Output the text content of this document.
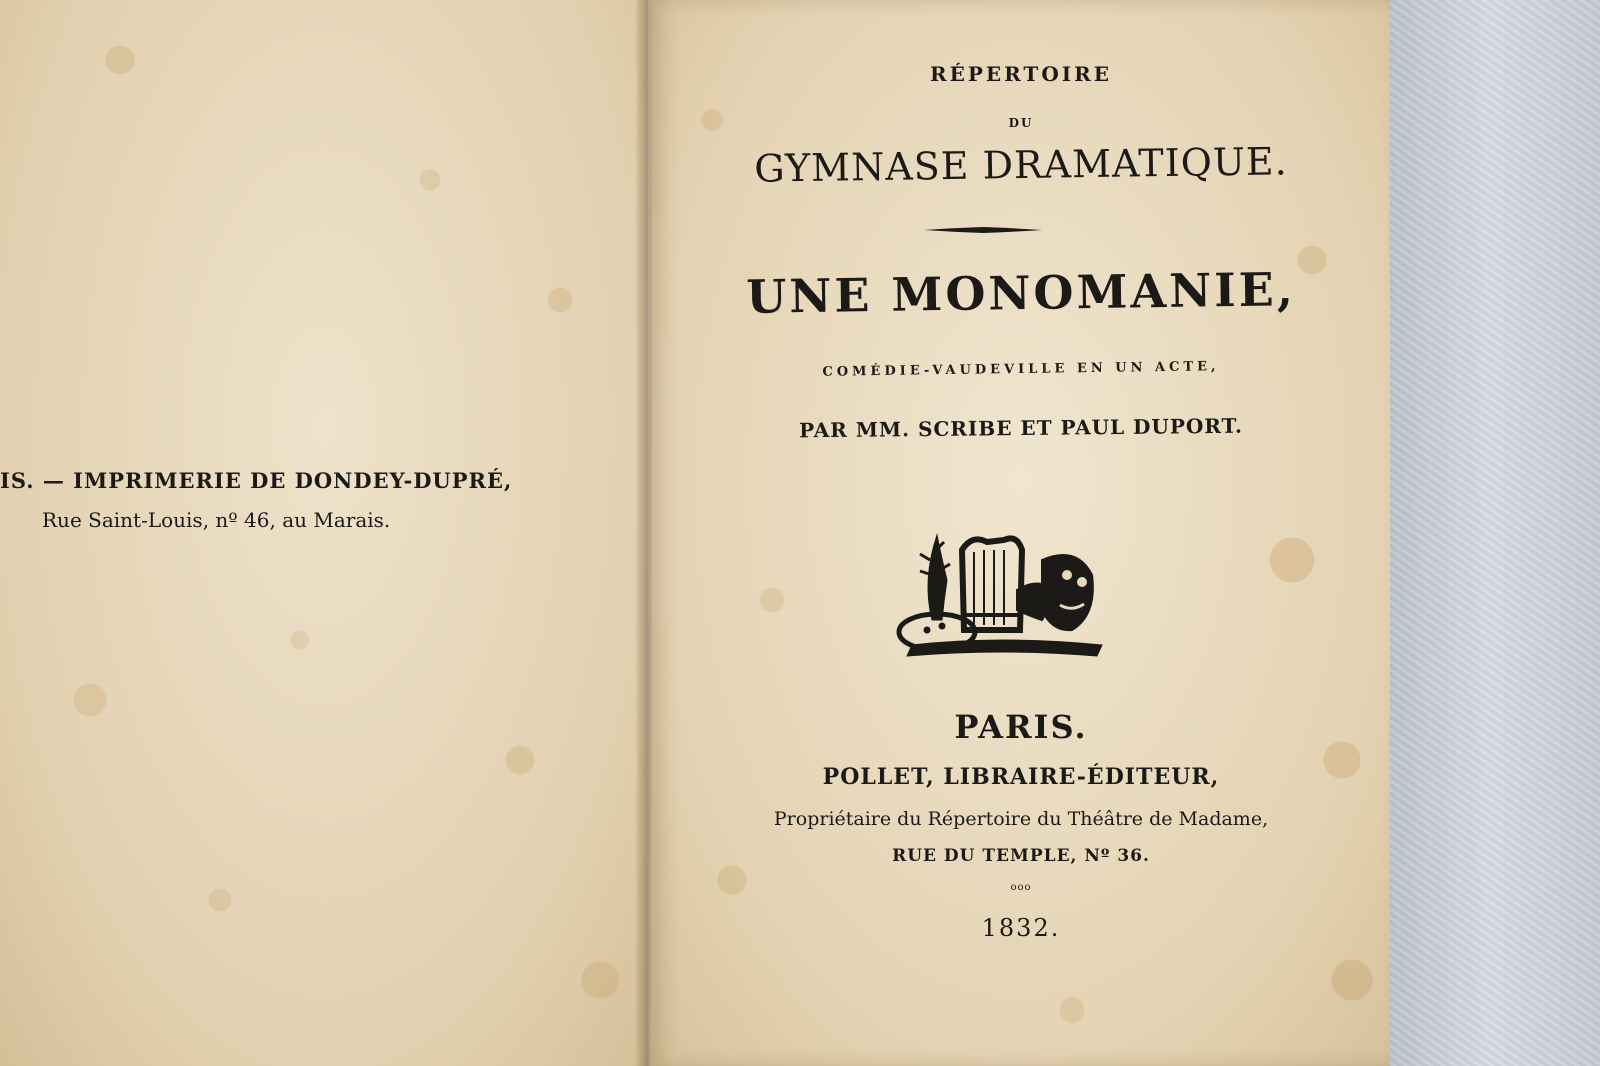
IS. — IMPRIMERIE DE DONDEY-DUPRÉ,
Rue Saint-Louis, nº 46, au Marais.
RÉPERTOIRE
DU
GYMNASE DRAMATIQUE.
UNE MONOMANIE,
COMÉDIE-VAUDEVILLE EN UN ACTE,
PAR MM. SCRIBE ET PAUL DUPORT.
PARIS.
POLLET, LIBRAIRE-ÉDITEUR,
Propriétaire du Répertoire du Théâtre de Madame,
RUE DU TEMPLE, Nº 36.
ooo
1832.
